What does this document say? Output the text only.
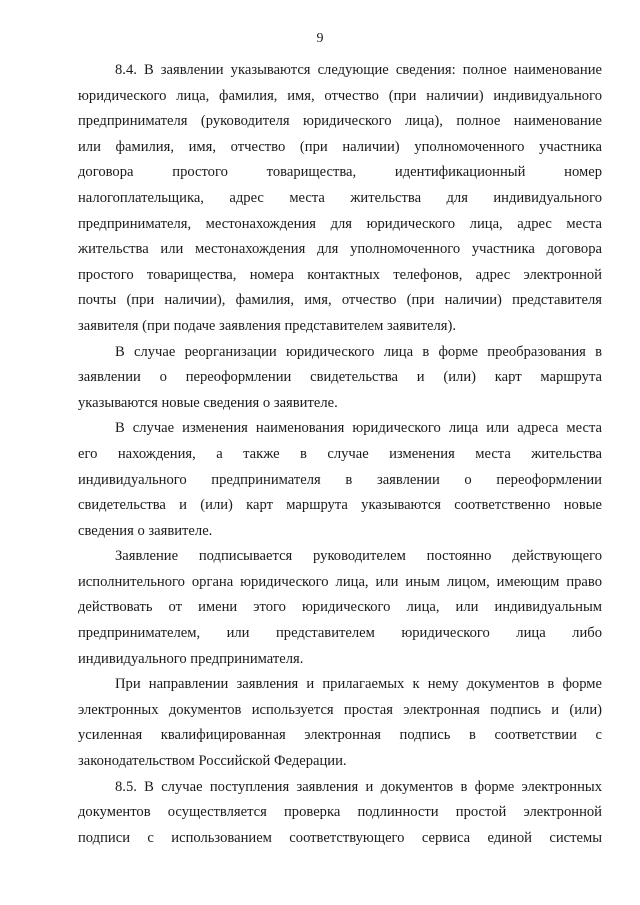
9
8.4. В заявлении указываются следующие сведения: полное наименование
юридического лица, фамилия, имя, отчество (при наличии) индивидуального
предпринимателя (руководителя юридического лица), полное наименование
или фамилия, имя, отчество (при наличии) уполномоченного участника
договора простого товарищества, идентификационный номер
налогоплательщика, адрес места жительства для индивидуального
предпринимателя, местонахождения для юридического лица, адрес места
жительства или местонахождения для уполномоченного участника договора
простого товарищества, номера контактных телефонов, адрес электронной
почты (при наличии), фамилия, имя, отчество (при наличии) представителя
заявителя (при подаче заявления представителем заявителя).
В случае реорганизации юридического лица в форме преобразования в
заявлении о переоформлении свидетельства и (или) карт маршрута
указываются новые сведения о заявителе.
В случае изменения наименования юридического лица или адреса места
его нахождения, а также в случае изменения места жительства
индивидуального предпринимателя в заявлении о переоформлении
свидетельства и (или) карт маршрута указываются соответственно новые
сведения о заявителе.
Заявление подписывается руководителем постоянно действующего
исполнительного органа юридического лица, или иным лицом, имеющим право
действовать от имени этого юридического лица, или индивидуальным
предпринимателем, или представителем юридического лица либо
индивидуального предпринимателя.
При направлении заявления и прилагаемых к нему документов в форме
электронных документов используется простая электронная подпись и (или)
усиленная квалифицированная электронная подпись в соответствии с
законодательством Российской Федерации.
8.5. В случае поступления заявления и документов в форме электронных
документов осуществляется проверка подлинности простой электронной
подписи с использованием соответствующего сервиса единой системы
